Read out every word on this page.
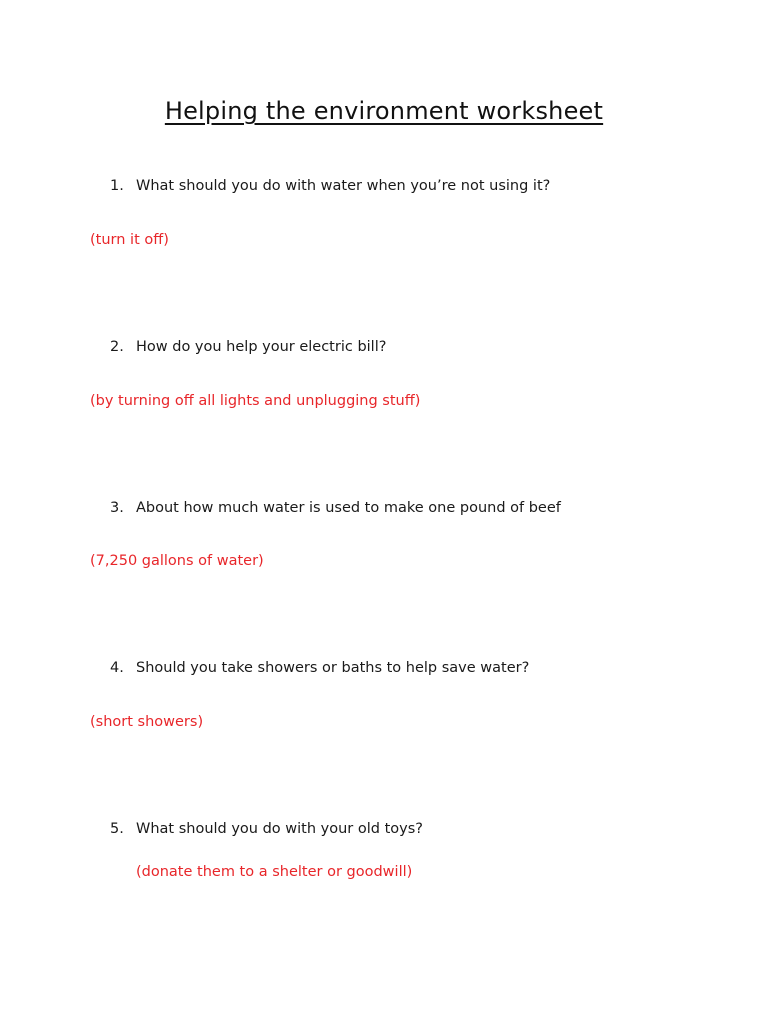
Helping the environment worksheet
1. What should you do with water when you’re not using it?
(turn it off)
2. How do you help your electric bill?
(by turning off all lights and unplugging stuff)
3. About how much water is used to make one pound of beef
(7,250 gallons of water)
4. Should you take showers or baths to help save water?
(short showers)
5. What should you do with your old toys?
(donate them to a shelter or goodwill)
